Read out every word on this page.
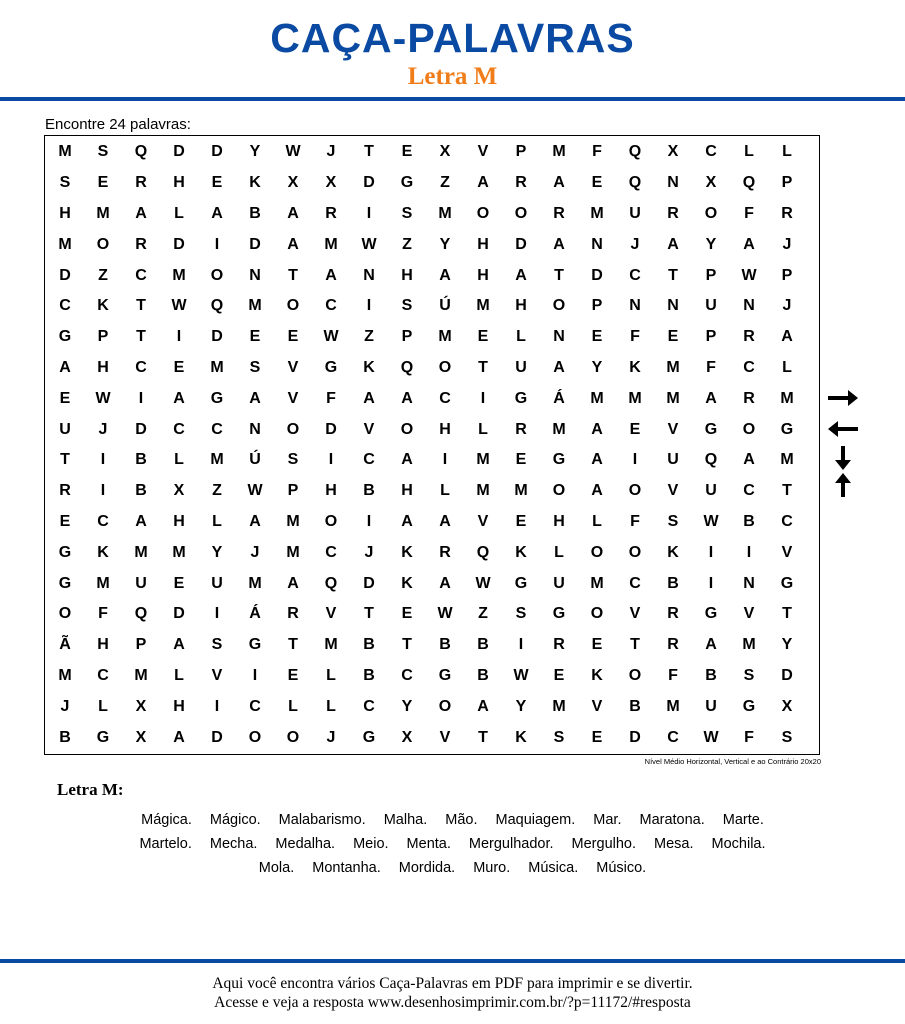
CAÇA-PALAVRAS
Letra M
Encontre 24 palavras:
M	S	Q	D	D	Y	W	J	T	E	X	V	P	M	F	Q	X	C	L	L
S	E	R	H	E	K	X	X	D	G	Z	A	R	A	E	Q	N	X	Q	P
H	M	A	L	A	B	A	R	I	S	M	O	O	R	M	U	R	O	F	R
M	O	R	D	I	D	A	M	W	Z	Y	H	D	A	N	J	A	Y	A	J
D	Z	C	M	O	N	T	A	N	H	A	H	A	T	D	C	T	P	W	P
C	K	T	W	Q	M	O	C	I	S	Ú	M	H	O	P	N	N	U	N	J
G	P	T	I	D	E	E	W	Z	P	M	E	L	N	E	F	E	P	R	A
A	H	C	E	M	S	V	G	K	Q	O	T	U	A	Y	K	M	F	C	L
E	W	I	A	G	A	V	F	A	A	C	I	G	Á	M	M	M	A	R	M
U	J	D	C	C	N	O	D	V	O	H	L	R	M	A	E	V	G	O	G
T	I	B	L	M	Ú	S	I	C	A	I	M	E	G	A	I	U	Q	A	M
R	I	B	X	Z	W	P	H	B	H	L	M	M	O	A	O	V	U	C	T
E	C	A	H	L	A	M	O	I	A	A	V	E	H	L	F	S	W	B	C
G	K	M	M	Y	J	M	C	J	K	R	Q	K	L	O	O	K	I	I	V
G	M	U	E	U	M	A	Q	D	K	A	W	G	U	M	C	B	I	N	G
O	F	Q	D	I	Á	R	V	T	E	W	Z	S	G	O	V	R	G	V	T
Ã	H	P	A	S	G	T	M	B	T	B	B	I	R	E	T	R	A	M	Y
M	C	M	L	V	I	E	L	B	C	G	B	W	E	K	O	F	B	S	D
J	L	X	H	I	C	L	L	C	Y	O	A	Y	M	V	B	M	U	G	X
B	G	X	A	D	O	O	J	G	X	V	T	K	S	E	D	C	W	F	S
Nível Médio Horizontal, Vertical e ao Contrário 20x20
Letra M:
Mágica. Mágico. Malabarismo. Malha. Mão. Maquiagem. Mar. Maratona. Marte.
Martelo. Mecha. Medalha. Meio. Menta. Mergulhador. Mergulho. Mesa. Mochila.
Mola. Montanha. Mordida. Muro. Música. Músico.
Aqui você encontra vários Caça-Palavras em PDF para imprimir e se divertir.
Acesse e veja a resposta www.desenhosimprimir.com.br/?p=11172/#resposta
